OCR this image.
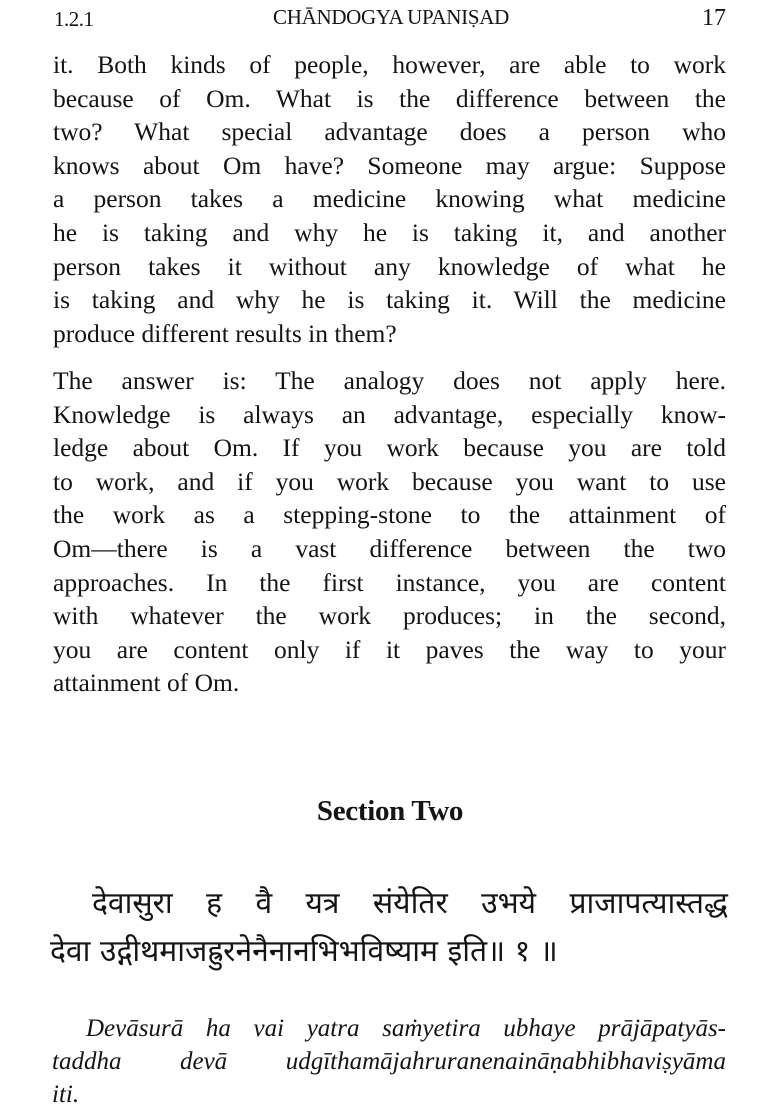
1.2.1	CHĀNDOGYA UPANIṢAD	17
it. Both kinds of people, however, are able to work
because of Om. What is the difference between the
two? What special advantage does a person who
knows about Om have? Someone may argue: Suppose
a person takes a medicine knowing what medicine
he is taking and why he is taking it, and another
person takes it without any knowledge of what he
is taking and why he is taking it. Will the medicine
produce different results in them?
The answer is: The analogy does not apply here.
Knowledge is always an advantage, especially know-
ledge about Om. If you work because you are told
to work, and if you work because you want to use
the work as a stepping-stone to the attainment of
Om—there is a vast difference between the two
approaches. In the first instance, you are content
with whatever the work produces; in the second,
you are content only if it paves the way to your
attainment of Om.
Section Two
देवासुरा ह वै यत्र संयेतिर उभये प्राजापत्यास्तद्ध
देवा उद्गीथमाजह्रुरनेनैनानभिभविष्याम इति॥ १ ॥
Devāsurā ha vai yatra saṁyetira ubhaye prājāpatyās-
taddha devā udgīthamājahruranenaināṇabhibhaviṣyāma
iti.
